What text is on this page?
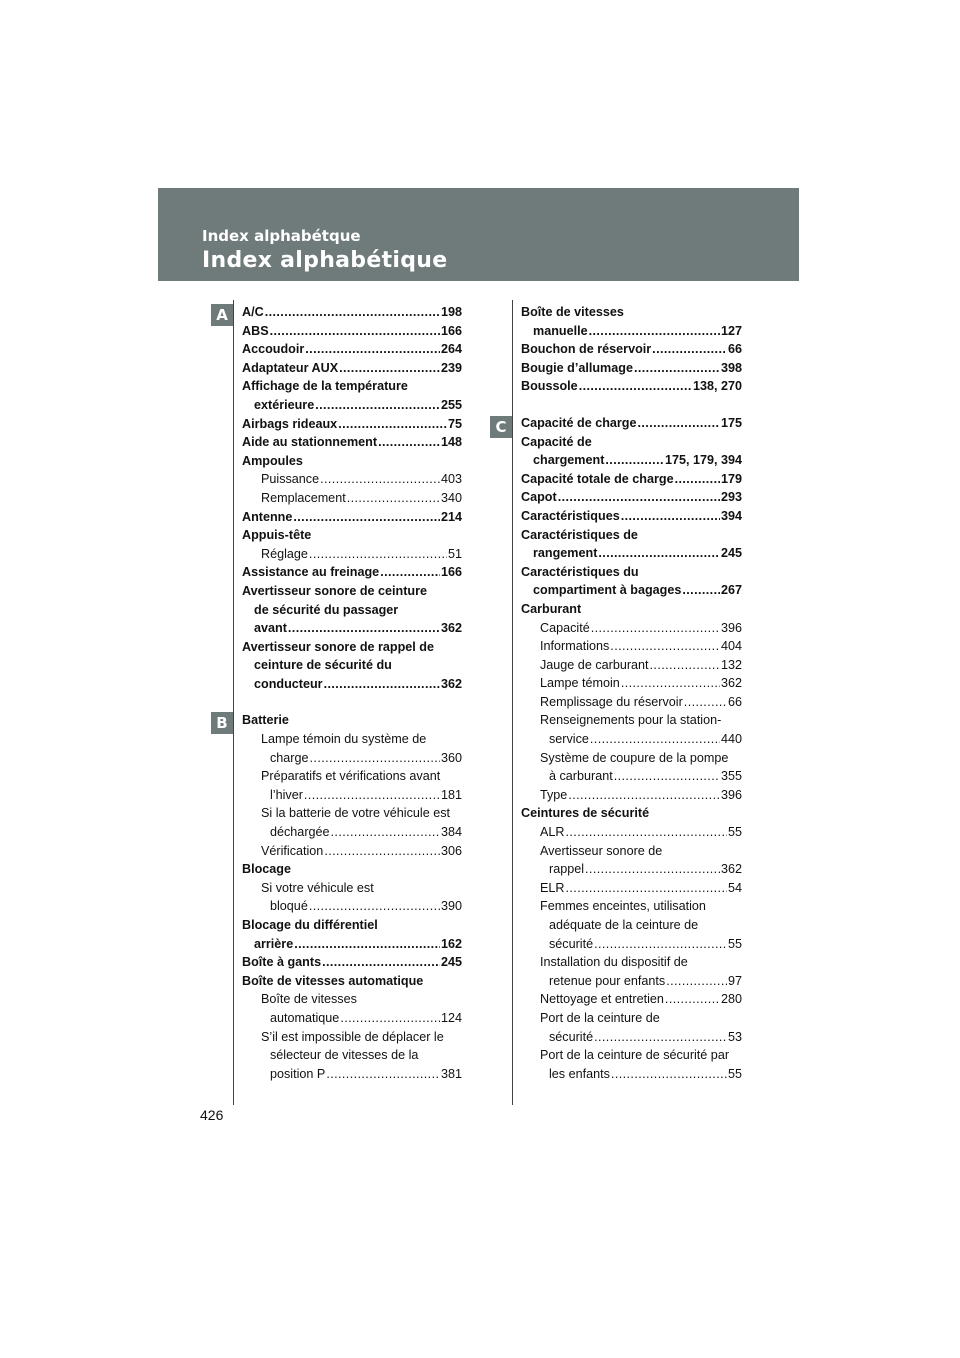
Index alphabétque
Index alphabétique
A
B
C
A/C .....	198
ABS .....	166
Accoudoir .....	264
Adaptateur AUX .....	239
Affichage de la température
extérieure .....	255
Airbags rideaux .....	75
Aide au stationnement .....	148
Ampoules
Puissance .....	403
Remplacement .....	340
Antenne .....	214
Appuis-tête
Réglage .....	51
Assistance au freinage .....	166
Avertisseur sonore de ceinture
de sécurité du passager
avant .....	362
Avertisseur sonore de rappel de
ceinture de sécurité du
conducteur .....	362
Batterie
Lampe témoin du système de
charge .....	360
Préparatifs et vérifications avant
l’hiver .....	181
Si la batterie de votre véhicule est
déchargée .....	384
Vérification .....	306
Blocage
Si votre véhicule est
bloqué .....	390
Blocage du différentiel
arrière .....	162
Boîte à gants .....	245
Boîte de vitesses automatique
Boîte de vitesses
automatique .....	124
S’il est impossible de déplacer le
sélecteur de vitesses de la
position P .....	381
Boîte de vitesses
manuelle .....	127
Bouchon de réservoir .....	66
Bougie d’allumage .....	398
Boussole .....	138, 270
Capacité de charge .....	175
Capacité de
chargement .....	175, 179, 394
Capacité totale de charge .....	179
Capot .....	293
Caractéristiques .....	394
Caractéristiques de
rangement .....	245
Caractéristiques du
compartiment à bagages .....	267
Carburant
Capacité .....	396
Informations .....	404
Jauge de carburant .....	132
Lampe témoin .....	362
Remplissage du réservoir .....	66
Renseignements pour la station-
service .....	440
Système de coupure de la pompe
à carburant .....	355
Type .....	396
Ceintures de sécurité
ALR .....	55
Avertisseur sonore de
rappel .....	362
ELR .....	54
Femmes enceintes, utilisation
adéquate de la ceinture de
sécurité .....	55
Installation du dispositif de
retenue pour enfants .....	97
Nettoyage et entretien .....	280
Port de la ceinture de
sécurité .....	53
Port de la ceinture de sécurité par
les enfants .....	55
426
